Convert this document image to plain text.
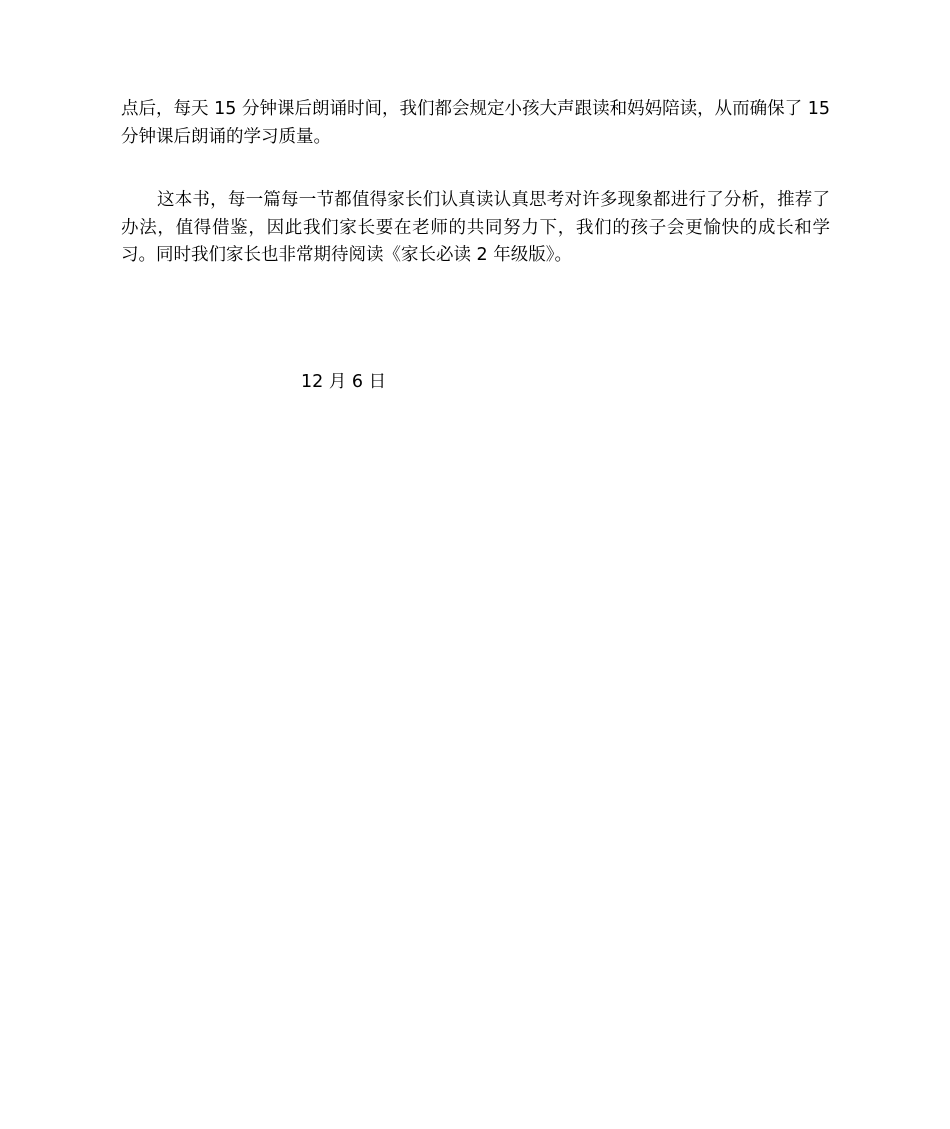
点后，每天 15 分钟课后朗诵时间，我们都会规定小孩大声跟读和妈妈陪读，从而确保了 15 分钟课后朗诵的学习质量。

这本书，每一篇每一节都值得家长们认真读认真思考对许多现象都进行了分析，推荐了办法，值得借鉴，因此我们家长要在老师的共同努力下，我们的孩子会更愉快的成长和学习。同时我们家长也非常期待阅读《家长必读 2 年级版》。

12 月 6 日
